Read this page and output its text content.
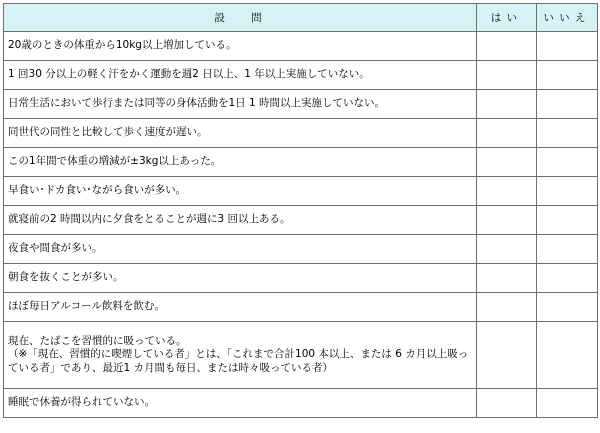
設問	はい	いいえ
20歳のときの体重から10kg以上増加している。		
1 回30 分以上の軽く汗をかく運動を週2 日以上、1 年以上実施していない。		
日常生活において歩行または同等の身体活動を1日 1 時間以上実施していない。		
同世代の同性と比較して歩く速度が遅い。		
この1年間で体重の増減が±3kg以上あった。		
早食い･ドカ食い･ながら食いが多い。		
就寝前の2 時間以内に夕食をとることが週に3 回以上ある。		
夜食や間食が多い。		
朝食を抜くことが多い。		
ほぼ毎日アルコール飲料を飲む。		

現在、たばこを習慣的に吸っている。
（※「現在、習慣的に喫煙している者」とは、「これまで合計100 本以上、または 6 カ月以上吸っている者」であり、最近1 カ月間も毎日、または時々吸っている者）		

睡眠で休養が得られていない。		
